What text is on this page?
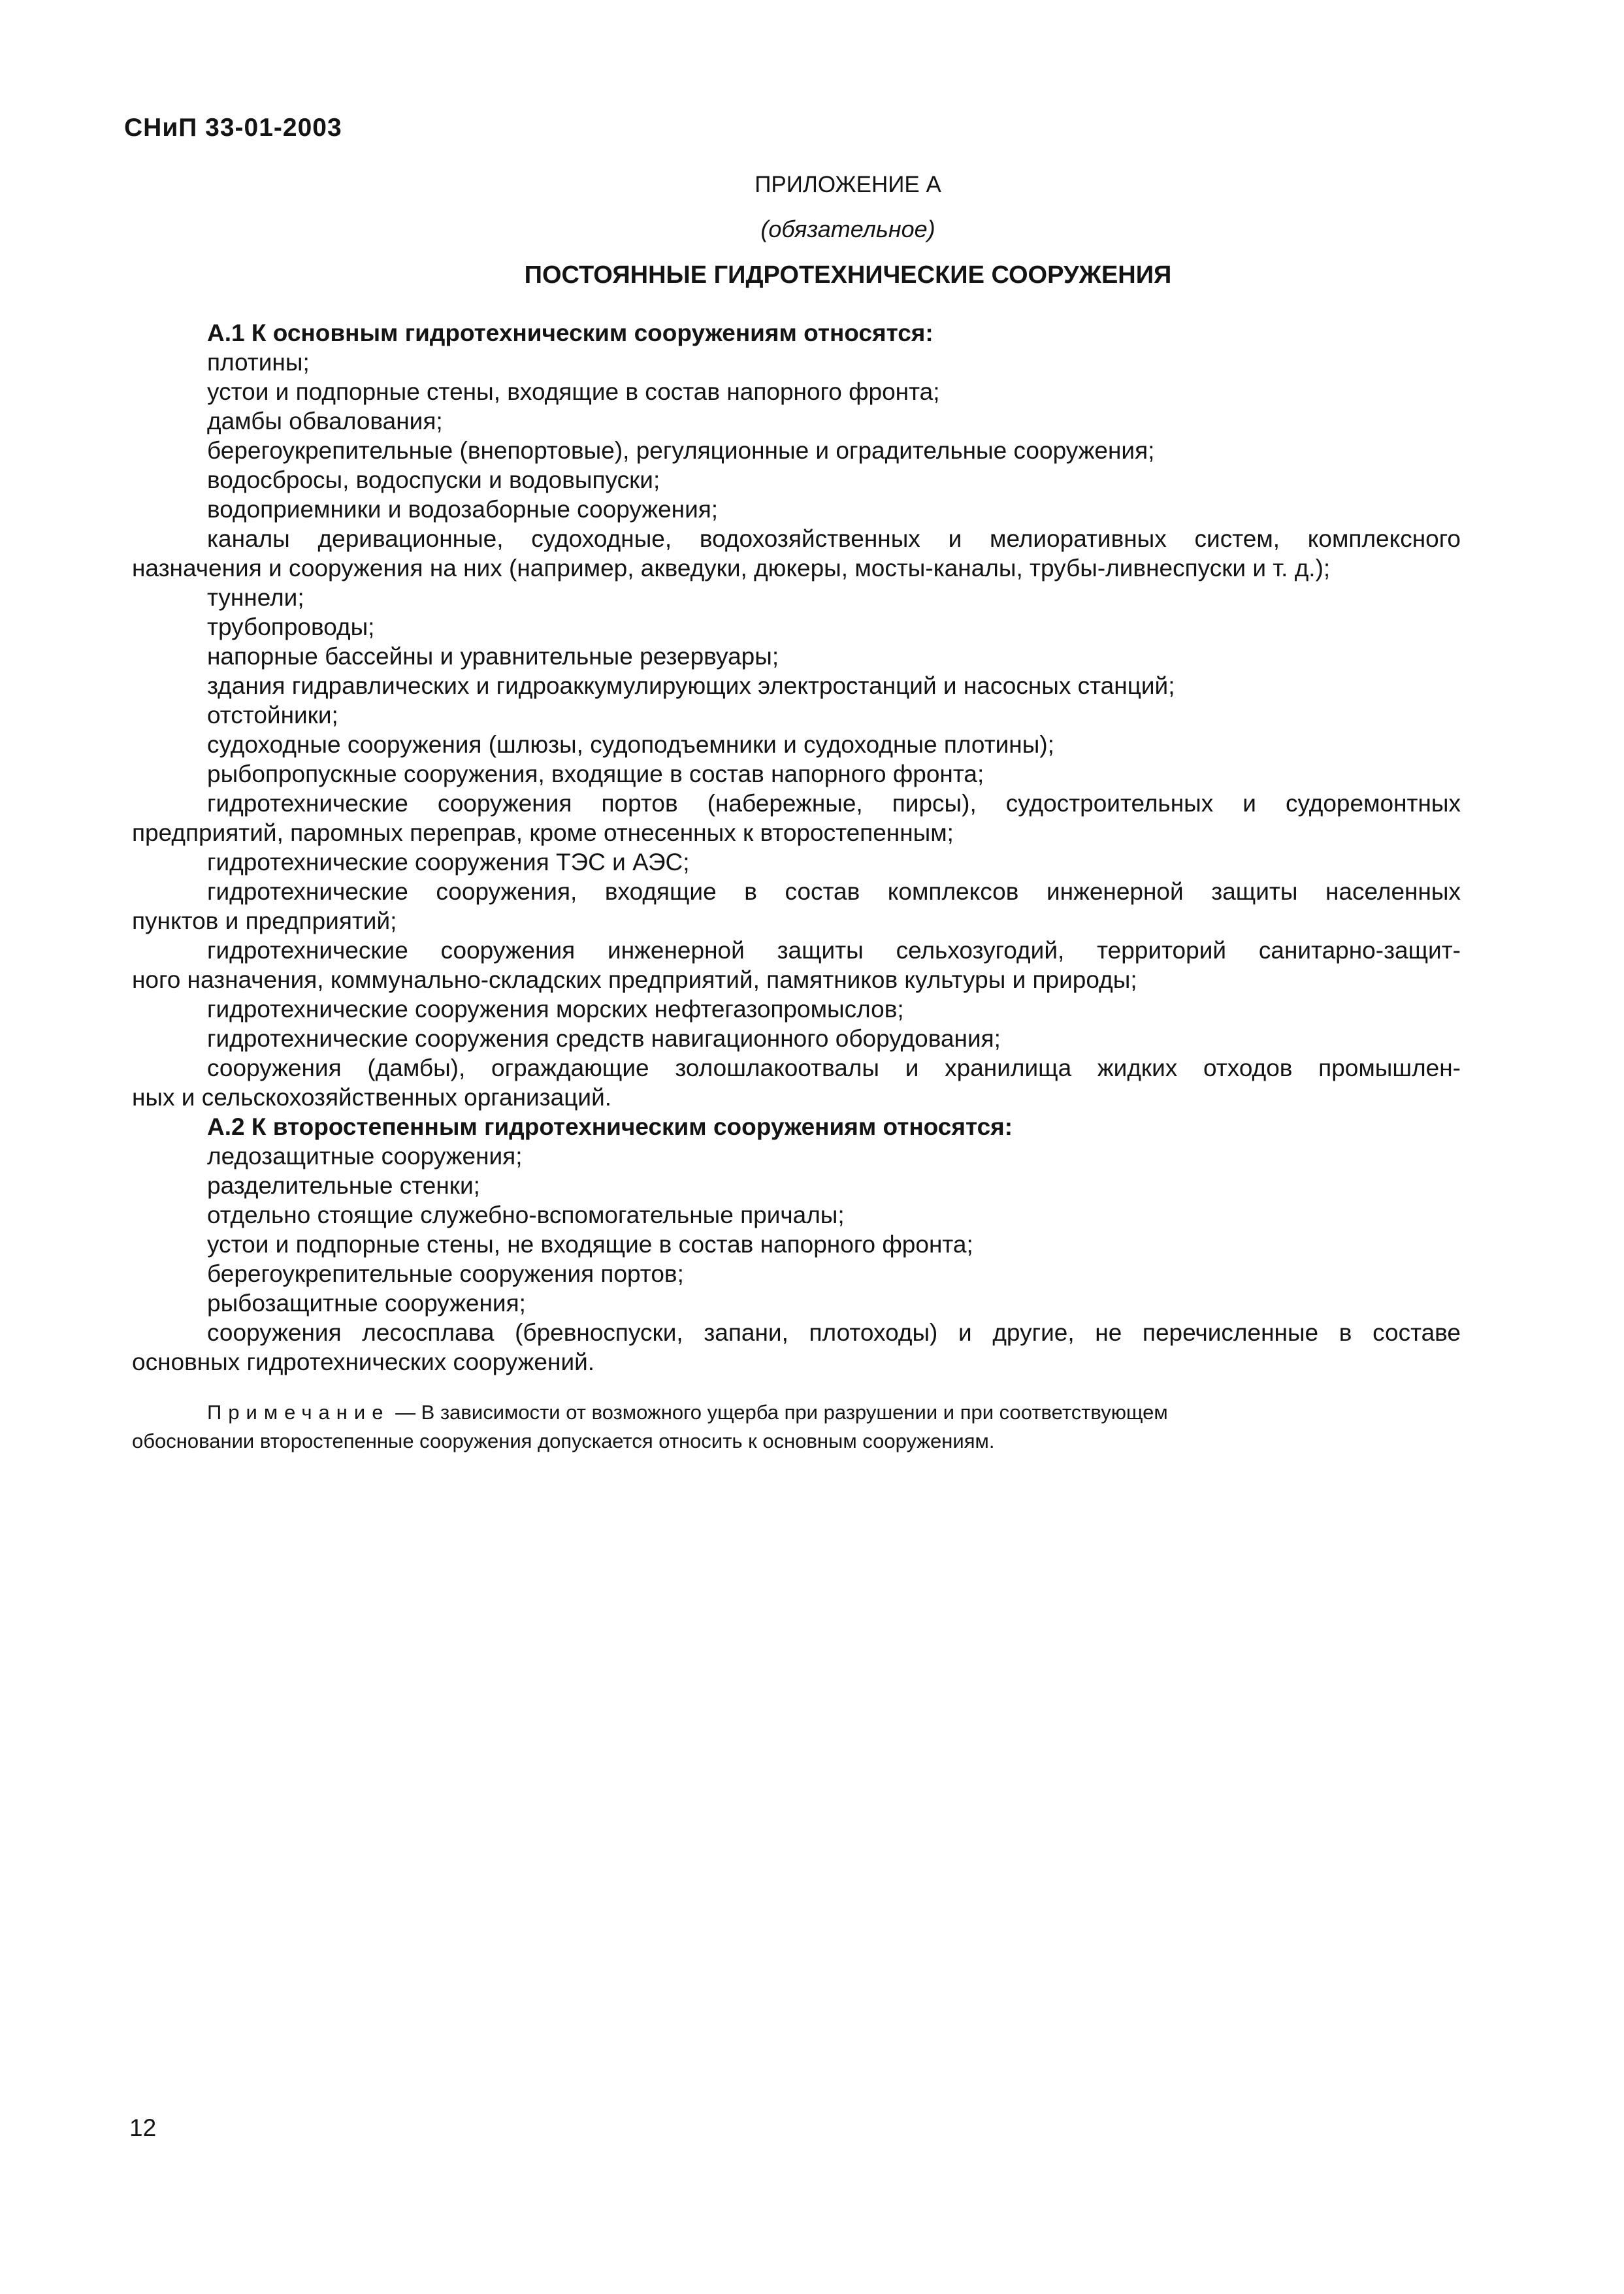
СНиП 33-01-2003
ПРИЛОЖЕНИЕ А
(обязательное)
ПОСТОЯННЫЕ ГИДРОТЕХНИЧЕСКИЕ СООРУЖЕНИЯ
А.1 К основным гидротехническим сооружениям относятся:
плотины;
устои и подпорные стены, входящие в состав напорного фронта;
дамбы обвалования;
берегоукрепительные (внепортовые), регуляционные и оградительные сооружения;
водосбросы, водоспуски и водовыпуски;
водоприемники и водозаборные сооружения;
каналы деривационные, судоходные, водохозяйственных и мелиоративных систем, комплексного
назначения и сооружения на них (например, акведуки, дюкеры, мосты-каналы, трубы-ливнеспуски и т. д.);
туннели;
трубопроводы;
напорные бассейны и уравнительные резервуары;
здания гидравлических и гидроаккумулирующих электростанций и насосных станций;
отстойники;
судоходные сооружения (шлюзы, судоподъемники и судоходные плотины);
рыбопропускные сооружения, входящие в состав напорного фронта;
гидротехнические сооружения портов (набережные, пирсы), судостроительных и судоремонтных
предприятий, паромных переправ, кроме отнесенных к второстепенным;
гидротехнические сооружения ТЭС и АЭС;
гидротехнические сооружения, входящие в состав комплексов инженерной защиты населенных
пунктов и предприятий;
гидротехнические сооружения инженерной защиты сельхозугодий, территорий санитарно-защит-
ного назначения, коммунально-складских предприятий, памятников культуры и природы;
гидротехнические сооружения морских нефтегазопромыслов;
гидротехнические сооружения средств навигационного оборудования;
сооружения (дамбы), ограждающие золошлакоотвалы и хранилища жидких отходов промышлен-
ных и сельскохозяйственных организаций.
А.2 К второстепенным гидротехническим сооружениям относятся:
ледозащитные сооружения;
разделительные стенки;
отдельно стоящие служебно-вспомогательные причалы;
устои и подпорные стены, не входящие в состав напорного фронта;
берегоукрепительные сооружения портов;
рыбозащитные сооружения;
сооружения лесосплава (бревноспуски, запани, плотоходы) и другие, не перечисленные в составе
основных гидротехнических сооружений.
Примечание — В зависимости от возможного ущерба при разрушении и при соответствующем
обосновании второстепенные сооружения допускается относить к основным сооружениям.
12
